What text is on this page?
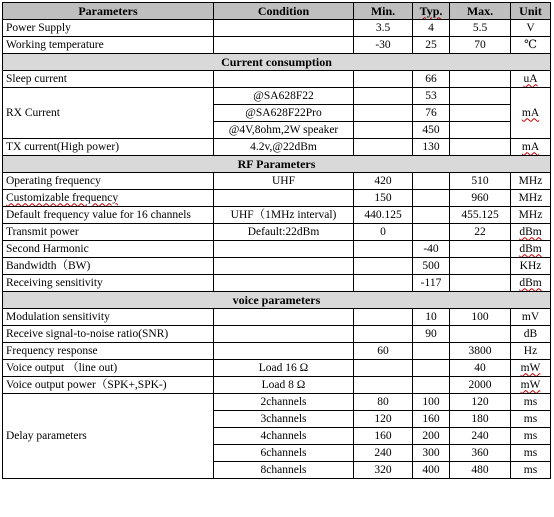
Parameters	Condition	Min.	Typ.	Max.	Unit
Power Supply		3.5	4	5.5	V
Working temperature		-30	25	70	℃
Current consumption					
Sleep current			66		uA
RX Current	@SA628F22		53		mA
	@SA628F22Pro		76		
	@4V,8ohm,2W speaker		450		
TX current(High power)	4.2v,@22dBm		130		mA
RF Parameters					
Operating frequency	UHF	420		510	MHz
Customizable frequency		150		960	MHz
Default frequency value for 16 channels	UHF（1MHz interval)	440.125		455.125	MHz
Transmit power	Default:22dBm	0		22	dBm
Second Harmonic			-40		dBm
Bandwidth（BW)			500		KHz
Receiving sensitivity			-117		dBm
voice parameters					
Modulation sensitivity			10	100	mV
Receive signal-to-noise ratio(SNR)			90		dB
Frequency response		60		3800	Hz
Voice output （line out)	Load 16 Ω			40	mW
Voice output power（SPK+,SPK-)	Load 8 Ω			2000	mW
Delay parameters	2channels	80	100	120	ms
	3channels	120	160	180	ms
	4channels	160	200	240	ms
	6channels	240	300	360	ms
	8channels	320	400	480	ms
